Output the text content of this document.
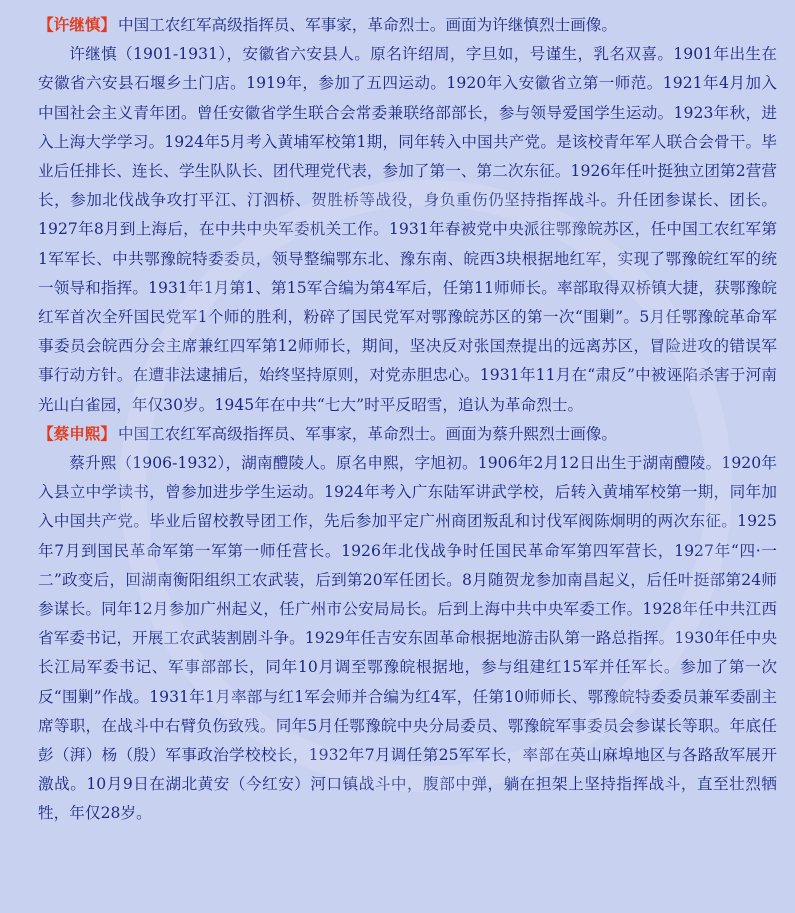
【许继慎】 中国工农红军高级指挥员、军事家，革命烈士。画面为许继慎烈士画像。

许继慎（1901-1931），安徽省六安县人。原名许绍周，字旦如，号谨生，乳名双喜。1901年出生在安徽省六安县石堰乡土门店。1919年，参加了五四运动。1920年入安徽省立第一师范。1921年4月加入中国社会主义青年团。曾任安徽省学生联合会常委兼联络部部长，参与领导爱国学生运动。1923年秋，进入上海大学学习。1924年5月考入黄埔军校第1期，同年转入中国共产党。是该校青年军人联合会骨干。毕业后任排长、连长、学生队队长、团代理党代表，参加了第一、第二次东征。1926年任叶挺独立团第2营营长，参加北伐战争攻打平江、汀泗桥、贺胜桥等战役，身负重伤仍坚持指挥战斗。升任团参谋长、团长。1927年8月到上海后，在中共中央军委机关工作。1931年春被党中央派往鄂豫皖苏区，任中国工农红军第1军军长、中共鄂豫皖特委委员，领导整编鄂东北、豫东南、皖西3块根据地红军，实现了鄂豫皖红军的统一领导和指挥。1931年1月第1、第15军合编为第4军后，任第11师师长。率部取得双桥镇大捷，获鄂豫皖红军首次全歼国民党军1个师的胜利，粉碎了国民党军对鄂豫皖苏区的第一次“围剿”。5月任鄂豫皖革命军事委员会皖西分会主席兼红四军第12师师长，期间，坚决反对张国焘提出的远离苏区，冒险进攻的错误军事行动方针。在遭非法逮捕后，始终坚持原则，对党赤胆忠心。1931年11月在“肃反”中被诬陷杀害于河南光山白雀园，年仅30岁。1945年在中共“七大”时平反昭雪，追认为革命烈士。

【蔡申熙】 中国工农红军高级指挥员、军事家，革命烈士。画面为蔡升熙烈士画像。

蔡升熙（1906-1932），湖南醴陵人。原名申熙，字旭初。1906年2月12日出生于湖南醴陵。1920年入县立中学读书，曾参加进步学生运动。1924年考入广东陆军讲武学校，后转入黄埔军校第一期，同年加入中国共产党。毕业后留校教导团工作，先后参加平定广州商团叛乱和讨伐军阀陈炯明的两次东征。1925年7月到国民革命军第一军第一师任营长。1926年北伐战争时任国民革命军第四军营长，1927年“四·一二”政变后，回湖南衡阳组织工农武装，后到第20军任团长。8月随贺龙参加南昌起义，后任叶挺部第24师参谋长。同年12月参加广州起义，任广州市公安局局长。后到上海中共中央军委工作。1928年任中共江西省军委书记，开展工农武装割剧斗争。1929年任吉安东固革命根据地游击队第一路总指挥。1930年任中央长江局军委书记、军事部部长，同年10月调至鄂豫皖根据地，参与组建红15军并任军长。参加了第一次反“围剿”作战。1931年1月率部与红1军会师并合编为红4军，任第10师师长、鄂豫皖特委委员兼军委副主席等职，在战斗中右臂负伤致残。同年5月任鄂豫皖中央分局委员、鄂豫皖军事委员会参谋长等职。年底任彭（湃）杨（殷）军事政治学校校长，1932年7月调任第25军军长，率部在英山麻埠地区与各路敌军展开激战。10月9日在湖北黄安（今红安）河口镇战斗中，腹部中弹，躺在担架上坚持指挥战斗，直至壮烈牺牲，年仅28岁。
